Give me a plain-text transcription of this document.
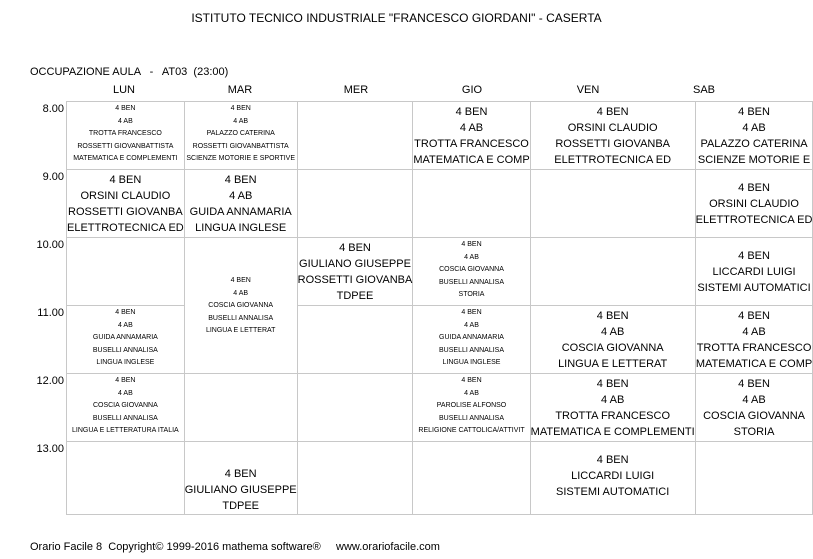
ISTITUTO TECNICO INDUSTRIALE "FRANCESCO GIORDANI" - CASERTA
OCCUPAZIONE AULA   -   AT03  (23:00)
LUN	MAR	MER	GIO	VEN	SAB
8.00
9.00
10.00
11.00
12.00
13.00
4 BEN
4 AB
TROTTA FRANCESCO
ROSSETTI GIOVANBATTISTA
MATEMATICA E COMPLEMENTI	4 BEN
4 AB
PALAZZO CATERINA
ROSSETTI GIOVANBATTISTA
SCIENZE MOTORIE E SPORTIVE		4 BEN
4 AB
TROTTA FRANCESCO
MATEMATICA E COMP	4 BEN
ORSINI CLAUDIO
ROSSETTI GIOVANBA
ELETTROTECNICA ED	4 BEN
4 AB
PALAZZO CATERINA
SCIENZE MOTORIE E

4 BEN
ORSINI CLAUDIO
ROSSETTI GIOVANBA
ELETTROTECNICA ED	4 BEN
4 AB
GUIDA ANNAMARIA
LINGUA INGLESE				4 BEN
ORSINI CLAUDIO
ELETTROTECNICA ED

	4 BEN
4 AB
COSCIA GIOVANNA
BUSELLI ANNALISA
LINGUA E LETTERAT	4 BEN
GIULIANO GIUSEPPE
ROSSETTI GIOVANBA
TDPEE	4 BEN
4 AB
COSCIA GIOVANNA
BUSELLI ANNALISA
STORIA		4 BEN
LICCARDI LUIGI
SISTEMI AUTOMATICI

4 BEN
4 AB
GUIDA ANNAMARIA
BUSELLI ANNALISA
LINGUA INGLESE			4 BEN
4 AB
GUIDA ANNAMARIA
BUSELLI ANNALISA
LINGUA INGLESE	4 BEN
4 AB
COSCIA GIOVANNA
LINGUA E LETTERAT	4 BEN
4 AB
TROTTA FRANCESCO
MATEMATICA E COMP

4 BEN
4 AB
COSCIA GIOVANNA
BUSELLI ANNALISA
LINGUA E LETTERATURA ITALIA			4 BEN
4 AB
PAROLISE ALFONSO
BUSELLI ANNALISA
RELIGIONE CATTOLICA/ATTIVIT	4 BEN
4 AB
TROTTA FRANCESCO
MATEMATICA E COMPLEMENTI	4 BEN
4 AB
COSCIA GIOVANNA
STORIA

	4 BEN
GIULIANO GIUSEPPE
TDPEE			4 BEN
LICCARDI LUIGI
SISTEMI AUTOMATICI	

Orario Facile 8  Copyright© 1999-2016 mathema software®     www.orariofacile.com
